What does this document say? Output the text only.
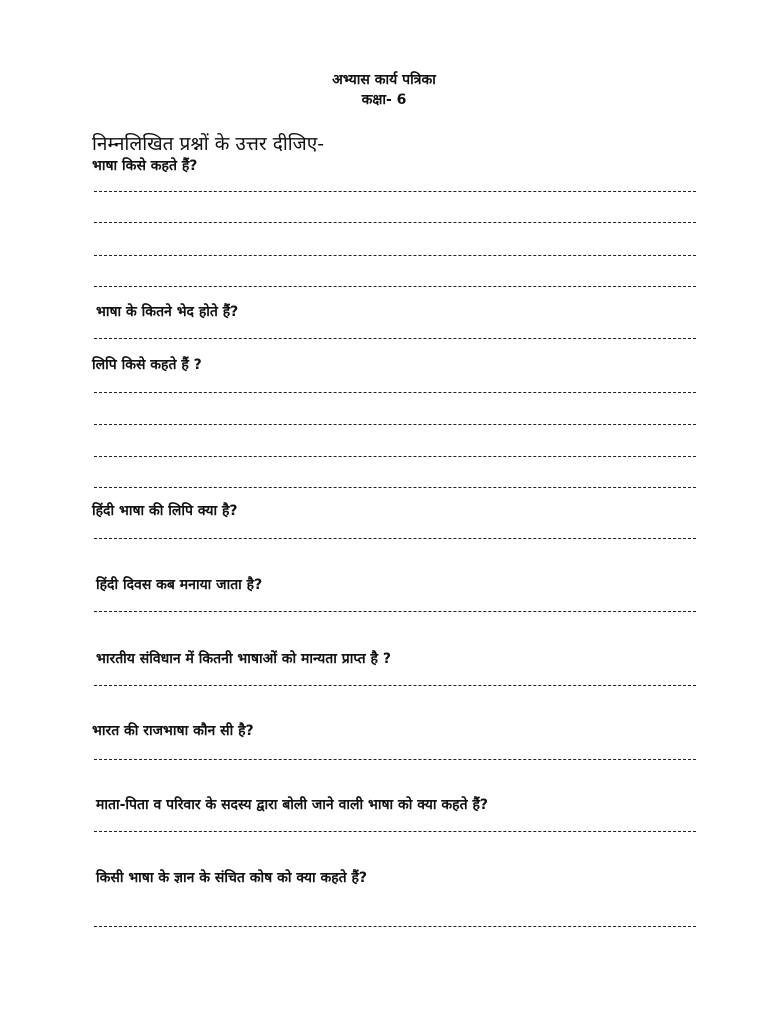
अभ्यास कार्य पत्रिका
कक्षा- 6
निम्नलिखित प्रश्नों के उत्तर दीजिए-
भाषा किसे कहते हैं?
भाषा के कितने भेद होते हैं?
लिपि किसे कहते हैं ?
हिंदी भाषा की लिपि क्या है?
हिंदी दिवस कब मनाया जाता है?
भारतीय संविधान में कितनी भाषाओं को मान्यता प्राप्त है ?
भारत की राजभाषा कौन सी है?
माता-पिता व परिवार के सदस्य द्वारा बोली जाने वाली भाषा को क्या कहते हैं?
किसी भाषा के ज्ञान के संचित कोष को क्या कहते हैं?
